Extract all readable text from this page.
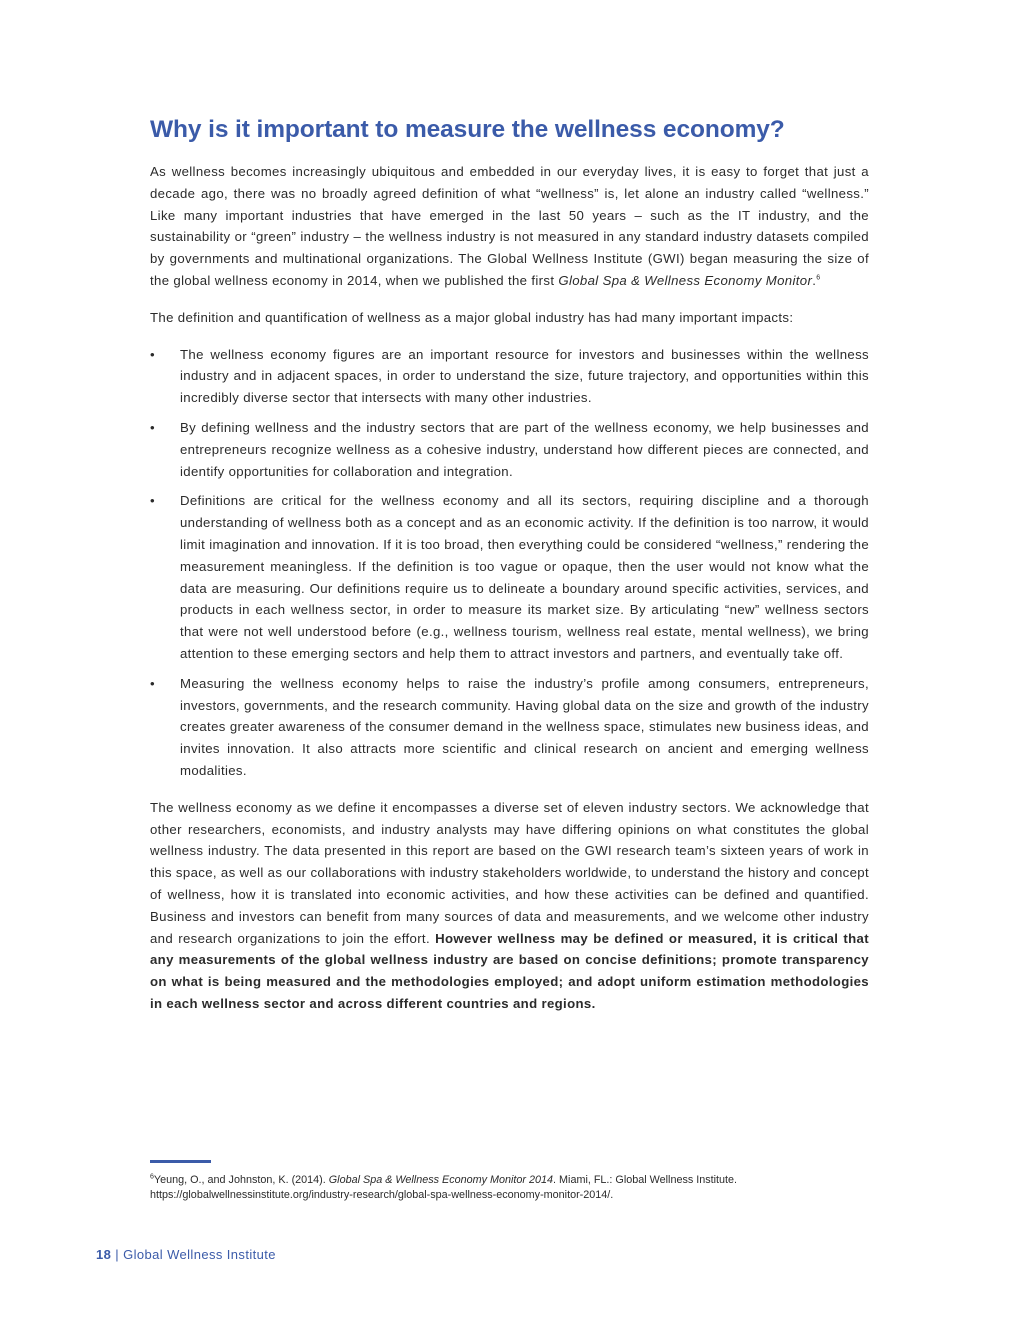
Why is it important to measure the wellness economy?

As wellness becomes increasingly ubiquitous and embedded in our everyday lives, it is easy to forget that just a decade ago, there was no broadly agreed definition of what “wellness” is, let alone an industry called “wellness.” Like many important industries that have emerged in the last 50 years – such as the IT industry, and the sustainability or “green” industry – the wellness industry is not measured in any standard industry datasets compiled by governments and multinational organizations. The Global Wellness Institute (GWI) began measuring the size of the global wellness economy in 2014, when we published the first Global Spa & Wellness Economy Monitor.$^6$

The definition and quantification of wellness as a major global industry has had many important impacts:

• The wellness economy figures are an important resource for investors and businesses within the wellness industry and in adjacent spaces, in order to understand the size, future trajectory, and opportunities within this incredibly diverse sector that intersects with many other industries.
• By defining wellness and the industry sectors that are part of the wellness economy, we help businesses and entrepreneurs recognize wellness as a cohesive industry, understand how different pieces are connected, and identify opportunities for collaboration and integration.
• Definitions are critical for the wellness economy and all its sectors, requiring discipline and a thorough understanding of wellness both as a concept and as an economic activity. If the definition is too narrow, it would limit imagination and innovation. If it is too broad, then everything could be considered “wellness,” rendering the measurement meaningless. If the definition is too vague or opaque, then the user would not know what the data are measuring. Our definitions require us to delineate a boundary around specific activities, services, and products in each wellness sector, in order to measure its market size. By articulating “new” wellness sectors that were not well understood before (e.g., wellness tourism, wellness real estate, mental wellness), we bring attention to these emerging sectors and help them to attract investors and partners, and eventually take off.
• Measuring the wellness economy helps to raise the industry’s profile among consumers, entrepreneurs, investors, governments, and the research community. Having global data on the size and growth of the industry creates greater awareness of the consumer demand in the wellness space, stimulates new business ideas, and invites innovation. It also attracts more scientific and clinical research on ancient and emerging wellness modalities.

The wellness economy as we define it encompasses a diverse set of eleven industry sectors. We acknowledge that other researchers, economists, and industry analysts may have differing opinions on what constitutes the global wellness industry. The data presented in this report are based on the GWI research team’s sixteen years of work in this space, as well as our collaborations with industry stakeholders worldwide, to understand the history and concept of wellness, how it is translated into economic activities, and how these activities can be defined and quantified. Business and investors can benefit from many sources of data and measurements, and we welcome other industry and research organizations to join the effort. However wellness may be defined or measured, it is critical that any measurements of the global wellness industry are based on concise definitions; promote transparency on what is being measured and the methodologies employed; and adopt uniform estimation methodologies in each wellness sector and across different countries and regions.

$^6$Yeung, O., and Johnston, K. (2014). Global Spa & Wellness Economy Monitor 2014. Miami, FL.: Global Wellness Institute.
https://globalwellnessinstitute.org/industry-research/global-spa-wellness-economy-monitor-2014/.
18 | Global Wellness Institute
